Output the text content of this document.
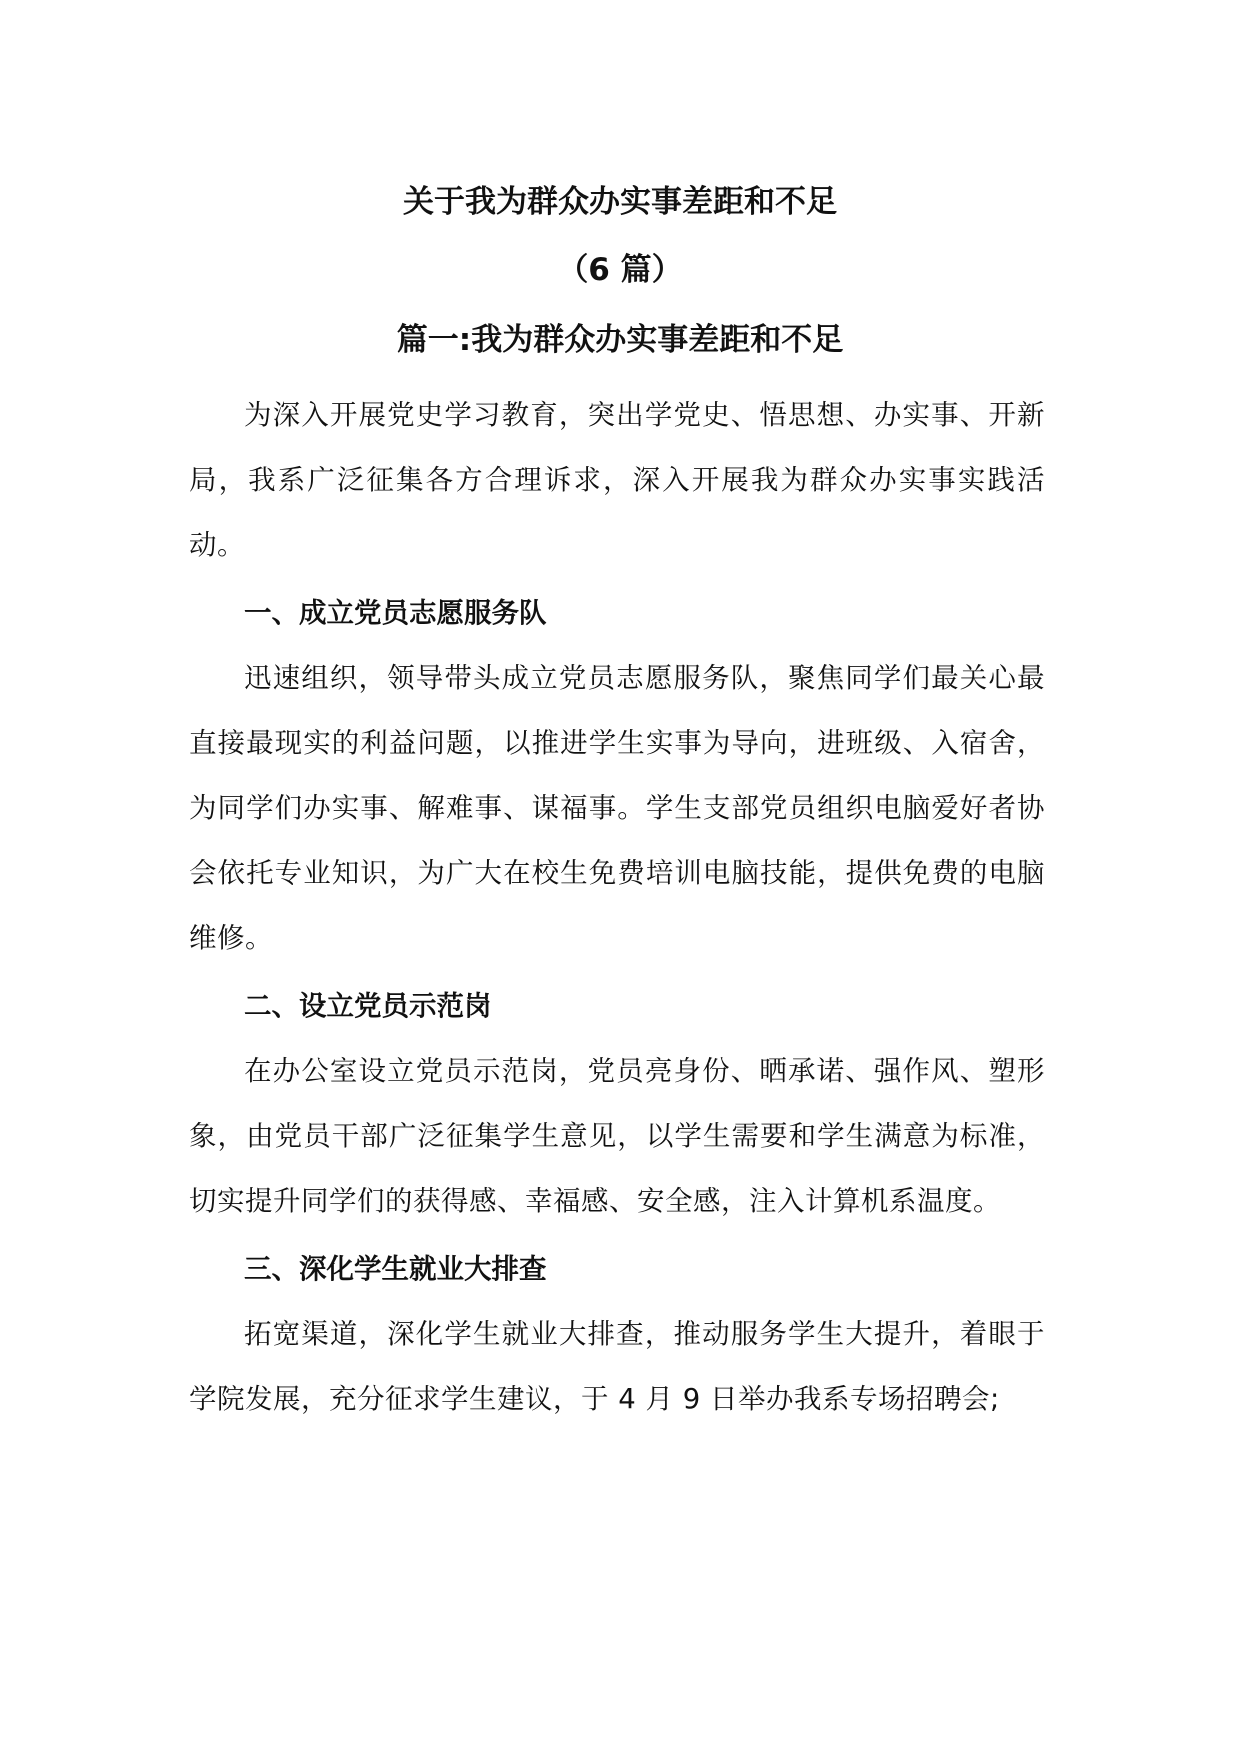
关于我为群众办实事差距和不足
（6 篇）
篇一:我为群众办实事差距和不足

为深入开展党史学习教育，突出学党史、悟思想、办实事、开新局，我系广泛征集各方合理诉求，深入开展我为群众办实事实践活动。

一、成立党员志愿服务队

迅速组织，领导带头成立党员志愿服务队，聚焦同学们最关心最直接最现实的利益问题，以推进学生实事为导向，进班级、入宿舍，为同学们办实事、解难事、谋福事。学生支部党员组织电脑爱好者协会依托专业知识，为广大在校生免费培训电脑技能，提供免费的电脑维修。

二、设立党员示范岗

在办公室设立党员示范岗，党员亮身份、晒承诺、强作风、塑形象，由党员干部广泛征集学生意见，以学生需要和学生满意为标准，切实提升同学们的获得感、幸福感、安全感，注入计算机系温度。

三、深化学生就业大排查

拓宽渠道，深化学生就业大排查，推动服务学生大提升，着眼于学院发展，充分征求学生建议，于 4 月 9 日举办我系专场招聘会;
